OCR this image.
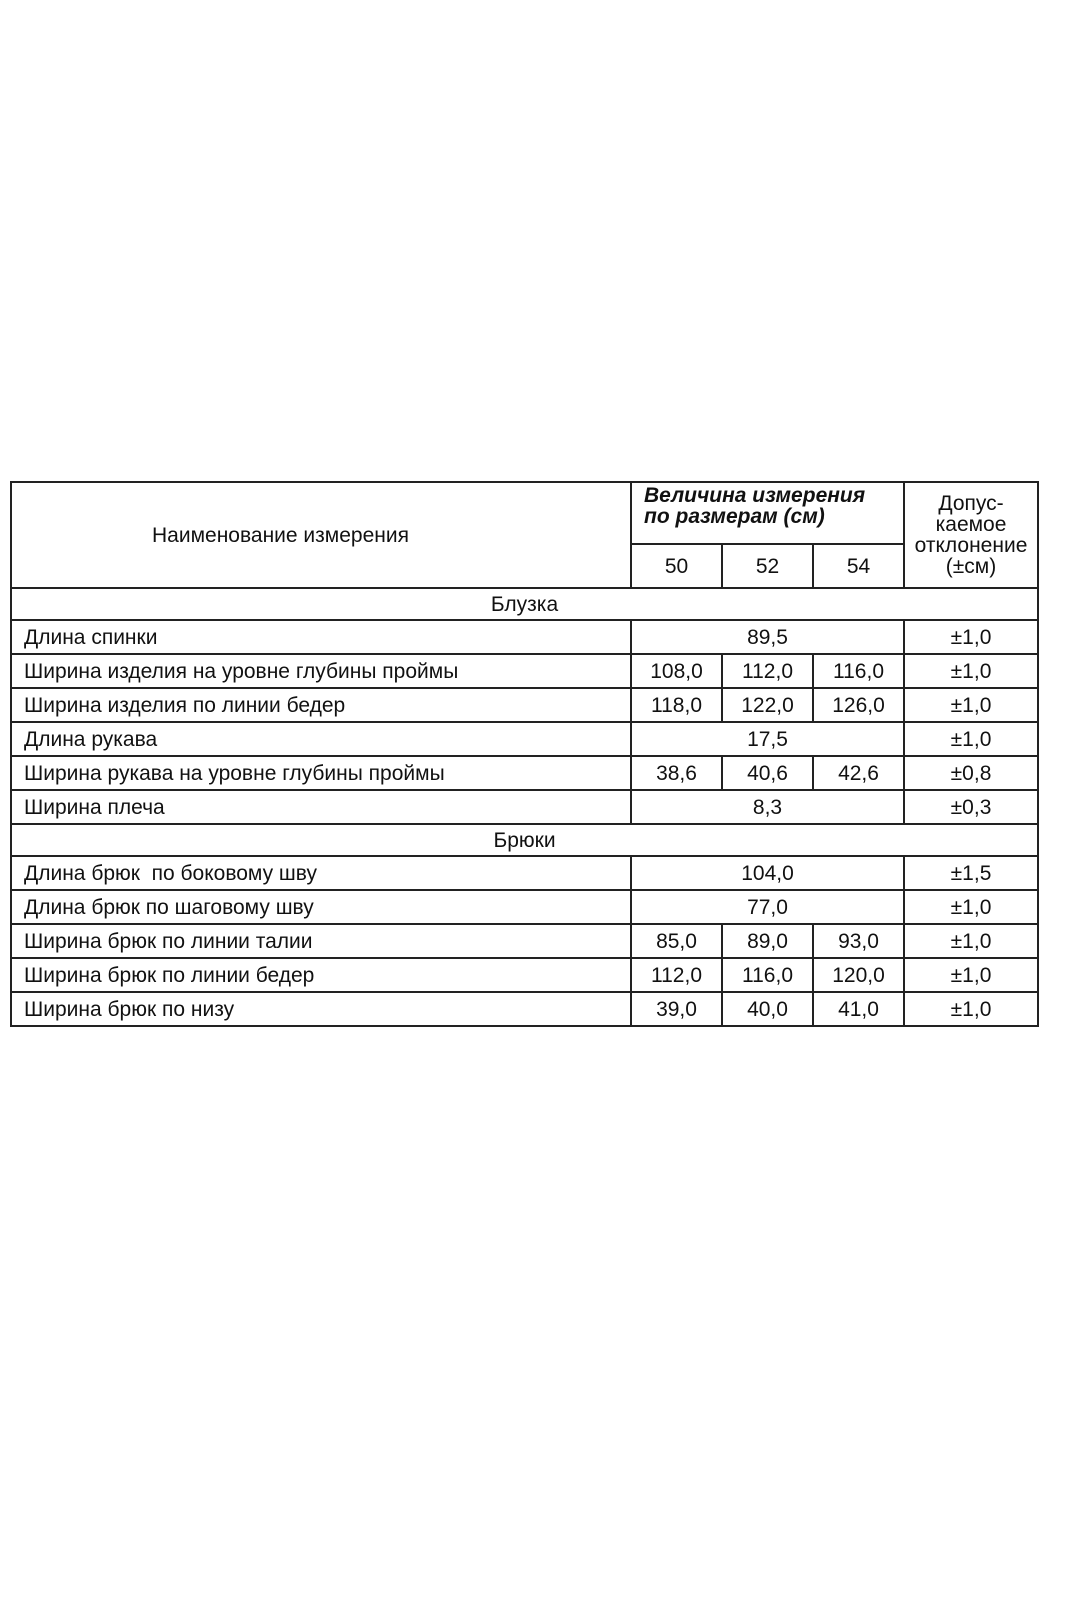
Наименование измерения	Величина измерения по размерам (см)			Допус-каемое отклонение (±см)
	50	52	54	
Блузка				
Длина спинки	89,5			±1,0
Ширина изделия на уровне глубины проймы	108,0	112,0	116,0	±1,0
Ширина изделия по линии бедер	118,0	122,0	126,0	±1,0
Длина рукава	17,5			±1,0
Ширина рукава на уровне глубины проймы	38,6	40,6	42,6	±0,8
Ширина плеча	8,3			±0,3
Брюки				
Длина брюк  по боковому шву	104,0			±1,5
Длина брюк по шаговому шву	77,0			±1,0
Ширина брюк по линии талии	85,0	89,0	93,0	±1,0
Ширина брюк по линии бедер	112,0	116,0	120,0	±1,0
Ширина брюк по низу	39,0	40,0	41,0	±1,0
